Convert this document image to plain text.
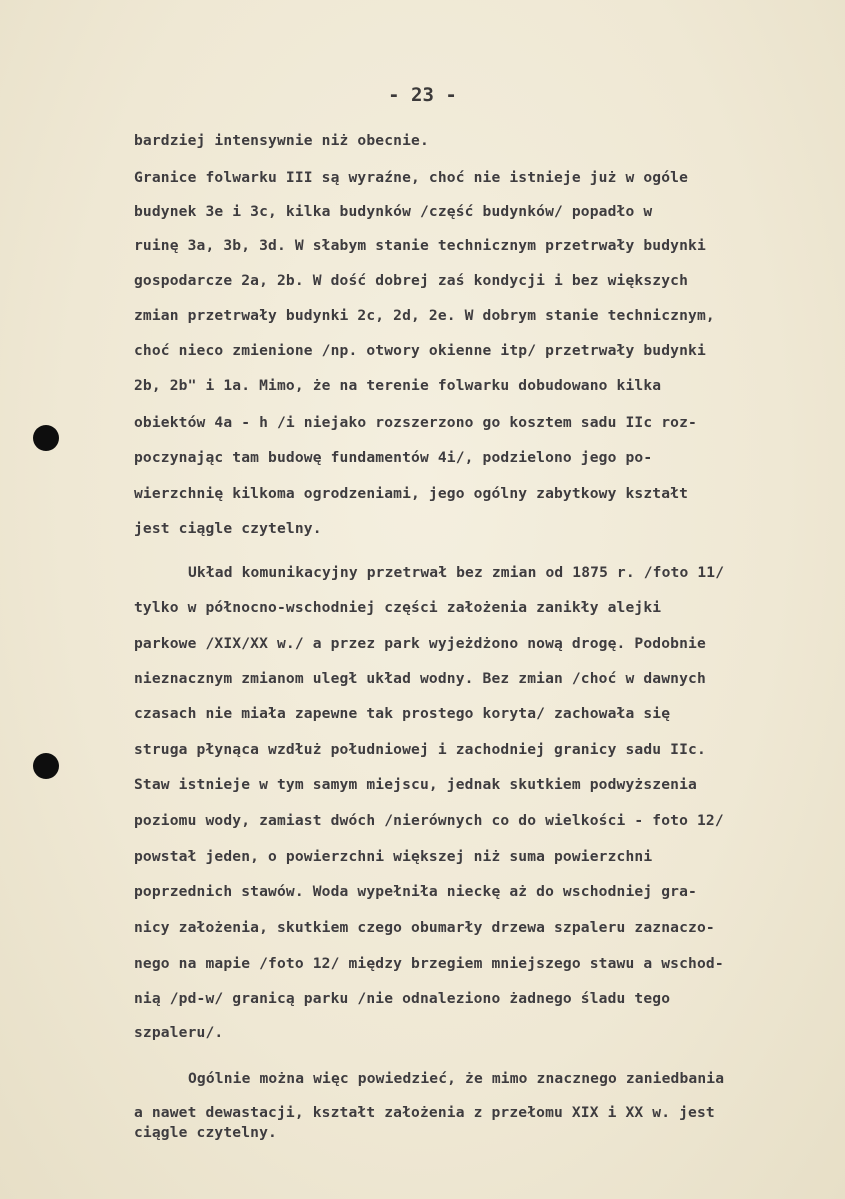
- 23 -
bardziej intensywnie niż obecnie.
Granice folwarku III są wyraźne, choć nie istnieje już w ogóle
budynek 3e i 3c, kilka budynków /część budynków/ popadło w
ruinę 3a, 3b, 3d. W słabym stanie technicznym przetrwały budynki
gospodarcze 2a, 2b. W dość dobrej zaś kondycji i bez większych
zmian przetrwały budynki 2c, 2d, 2e. W dobrym stanie technicznym,
choć nieco zmienione /np. otwory okienne itp/ przetrwały budynki
2b, 2b" i 1a. Mimo, że na terenie folwarku dobudowano kilka
obiektów 4a - h /i niejako rozszerzono go kosztem sadu IIc roz-
poczynając tam budowę fundamentów 4i/, podzielono jego po-
wierzchnię kilkoma ogrodzeniami, jego ogólny zabytkowy kształt
jest ciągle czytelny.
Układ komunikacyjny przetrwał bez zmian od 1875 r. /foto 11/
tylko w północno-wschodniej części założenia zanikły alejki
parkowe /XIX/XX w./ a przez park wyjeżdżono nową drogę. Podobnie
nieznacznym zmianom uległ układ wodny. Bez zmian /choć w dawnych
czasach nie miała zapewne tak prostego koryta/ zachowała się
struga płynąca wzdłuż południowej i zachodniej granicy sadu IIc.
Staw istnieje w tym samym miejscu, jednak skutkiem podwyższenia
poziomu wody, zamiast dwóch /nierównych co do wielkości - foto 12/
powstał jeden, o powierzchni większej niż suma powierzchni
poprzednich stawów. Woda wypełniła nieckę aż do wschodniej gra-
nicy założenia, skutkiem czego obumarły drzewa szpaleru zaznaczo-
nego na mapie /foto 12/ między brzegiem mniejszego stawu a wschod-
nią /pd-w/ granicą parku /nie odnaleziono żadnego śladu tego
szpaleru/.
Ogólnie można więc powiedzieć, że mimo znacznego zaniedbania
a nawet dewastacji, kształt założenia z przełomu XIX i XX w. jest
ciągle czytelny.
